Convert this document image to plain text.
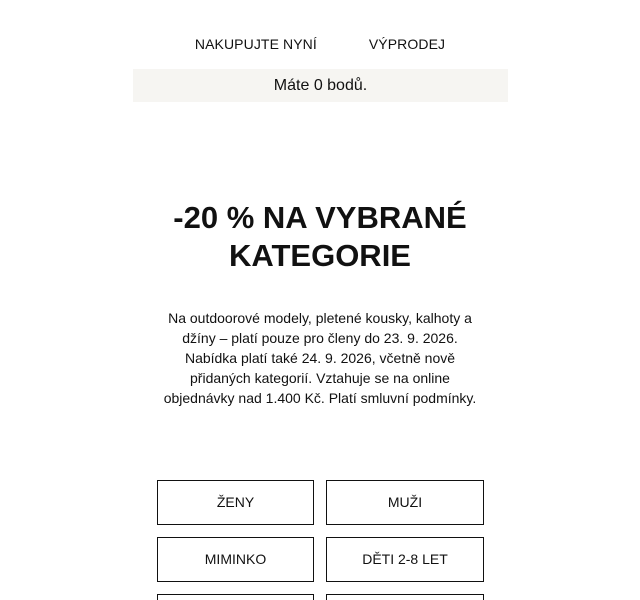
NAKUPUJTE NYNÍ	VÝPRODEJ
Máte 0 bodů.
-20 % NA VYBRANÉ
KATEGORIE

Na outdoorové modely, pletené kousky, kalhoty a
džíny – platí pouze pro členy do 23. 9. 2026.
Nabídka platí také 24. 9. 2026, včetně nově
přidaných kategorií. Vztahuje se na online
objednávky nad 1.400 Kč. Platí smluvní podmínky.

ŽENY	MUŽI
MIMINKO	DĚTI 2-8 LET
